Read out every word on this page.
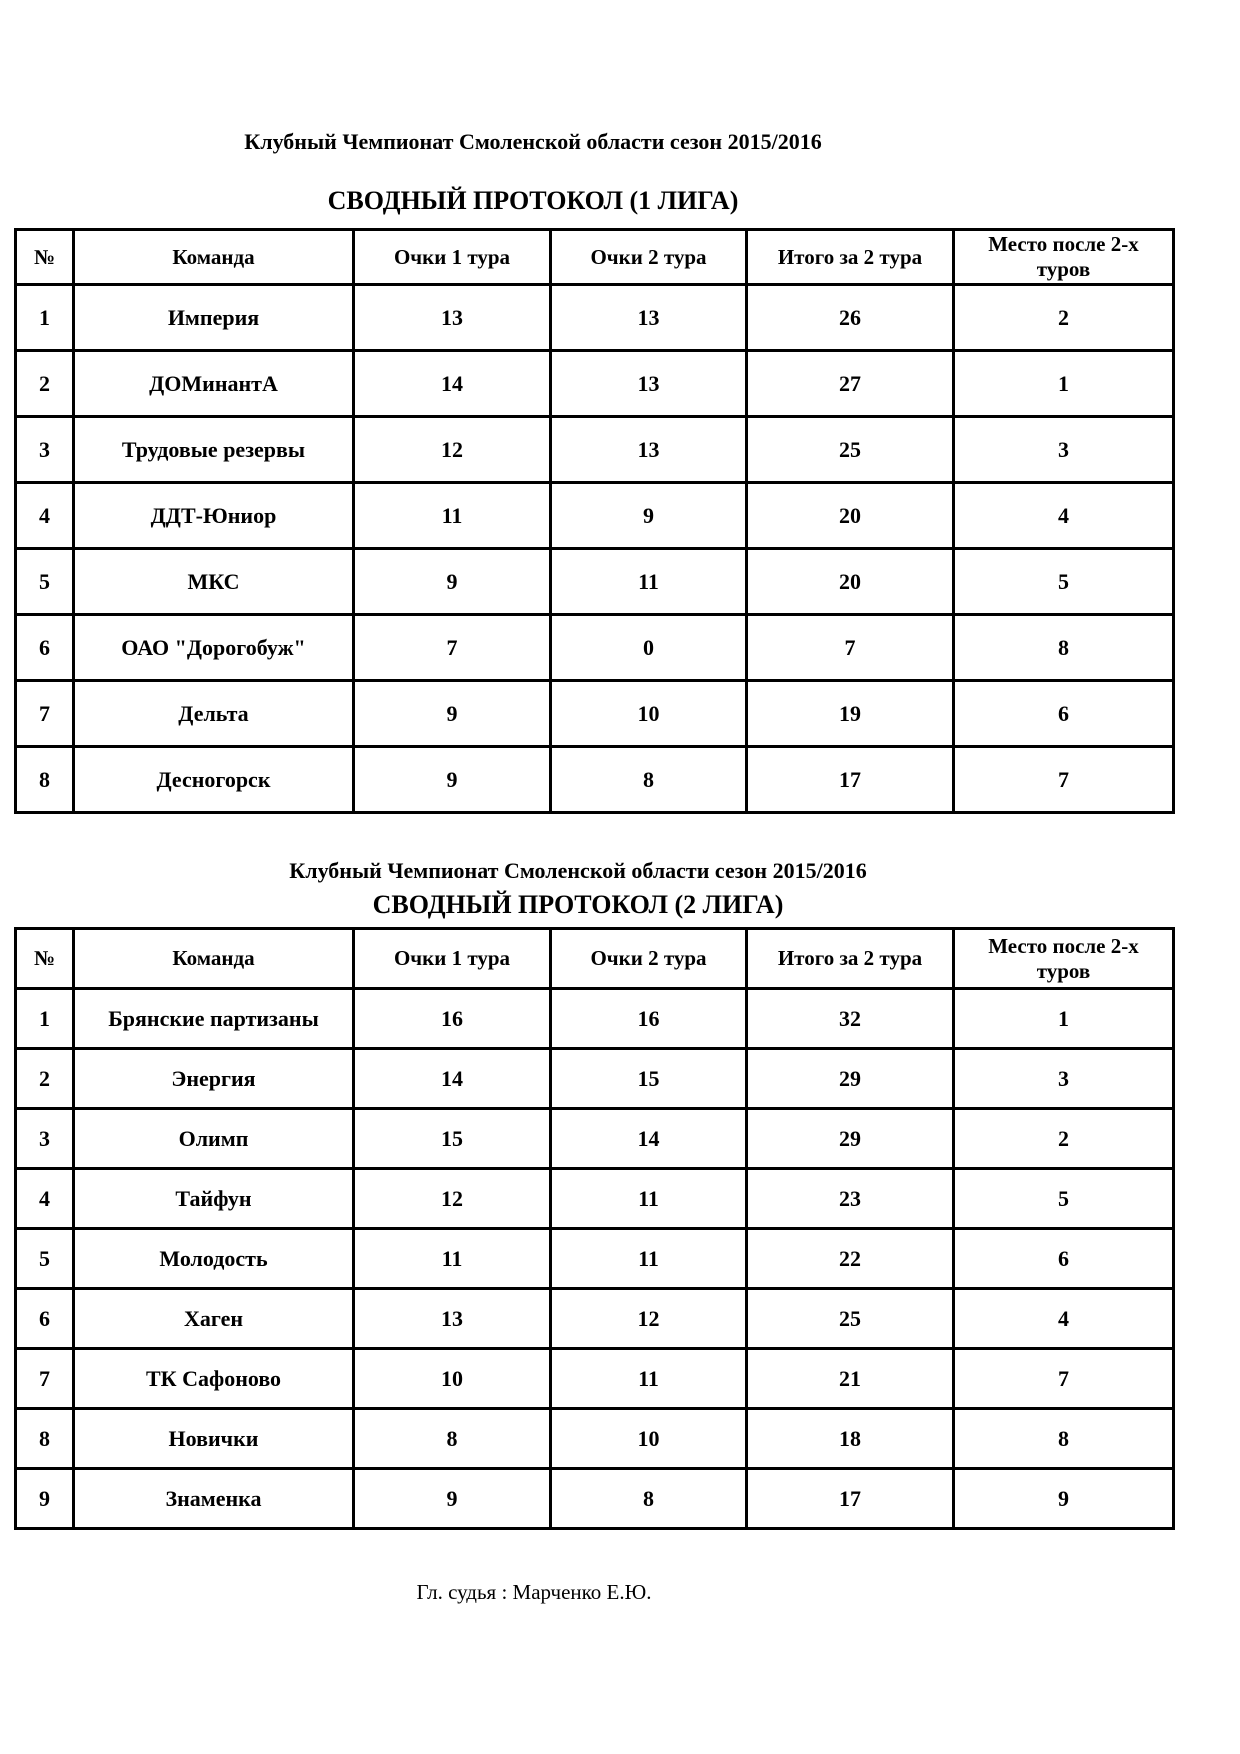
Клубный Чемпионат Смоленской области сезон 2015/2016
СВОДНЫЙ ПРОТОКОЛ (1 ЛИГА)
№	Команда	Очки 1 тура	Очки 2 тура	Итого за 2 тура	Место после 2-х туров
1	Империя	13	13	26	2
2	ДОМинантА	14	13	27	1
3	Трудовые резервы	12	13	25	3
4	ДДТ-Юниор	11	9	20	4
5	МКС	9	11	20	5
6	ОАО "Дорогобуж"	7	0	7	8
7	Дельта	9	10	19	6
8	Десногорск	9	8	17	7
Клубный Чемпионат Смоленской области сезон 2015/2016
СВОДНЫЙ ПРОТОКОЛ (2 ЛИГА)
№	Команда	Очки 1 тура	Очки 2 тура	Итого за 2 тура	Место после 2-х туров
1	Брянские партизаны	16	16	32	1
2	Энергия	14	15	29	3
3	Олимп	15	14	29	2
4	Тайфун	12	11	23	5
5	Молодость	11	11	22	6
6	Хаген	13	12	25	4
7	ТК Сафоново	10	11	21	7
8	Новички	8	10	18	8
9	Знаменка	9	8	17	9
Гл. судья : Марченко Е.Ю.
